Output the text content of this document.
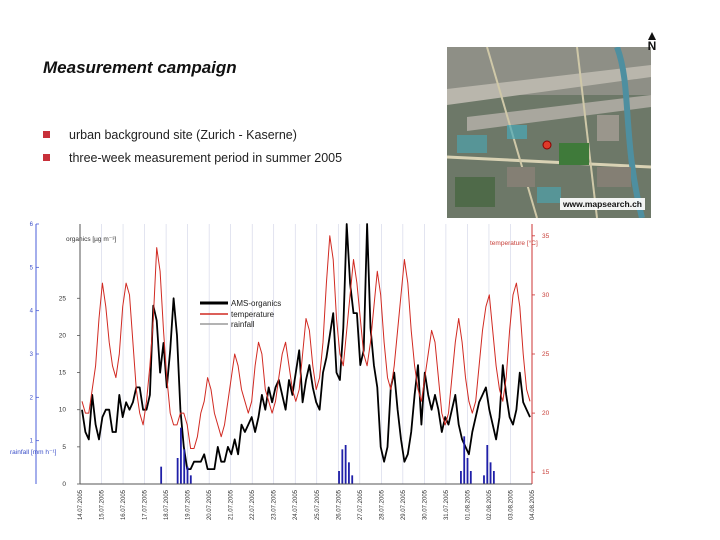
Measurement campaign
urban background site (Zurich - Kaserne)
three-week measurement period in summer 2005
www.mapsearch.ch
N
14.07.2005	15.07.2005	16.07.2005	17.07.2005	18.07.2005	19.07.2005	20.07.2005	21.07.2005	22.07.2005	23.07.2005	24.07.2005	25.07.2005	26.07.2005	27.07.2005	28.07.2005	29.07.2005	30.07.2005	31.07.2005	01.08.2005	02.08.2005	03.08.2005	04.08.2005
0
5
10
15
20
25
1
2
3
4
5
6
15
20
25
30
35
organics [µg m⁻³]
temperature [°C]
rainfall [mm h⁻¹]
AMS-organics
temperature
rainfall
